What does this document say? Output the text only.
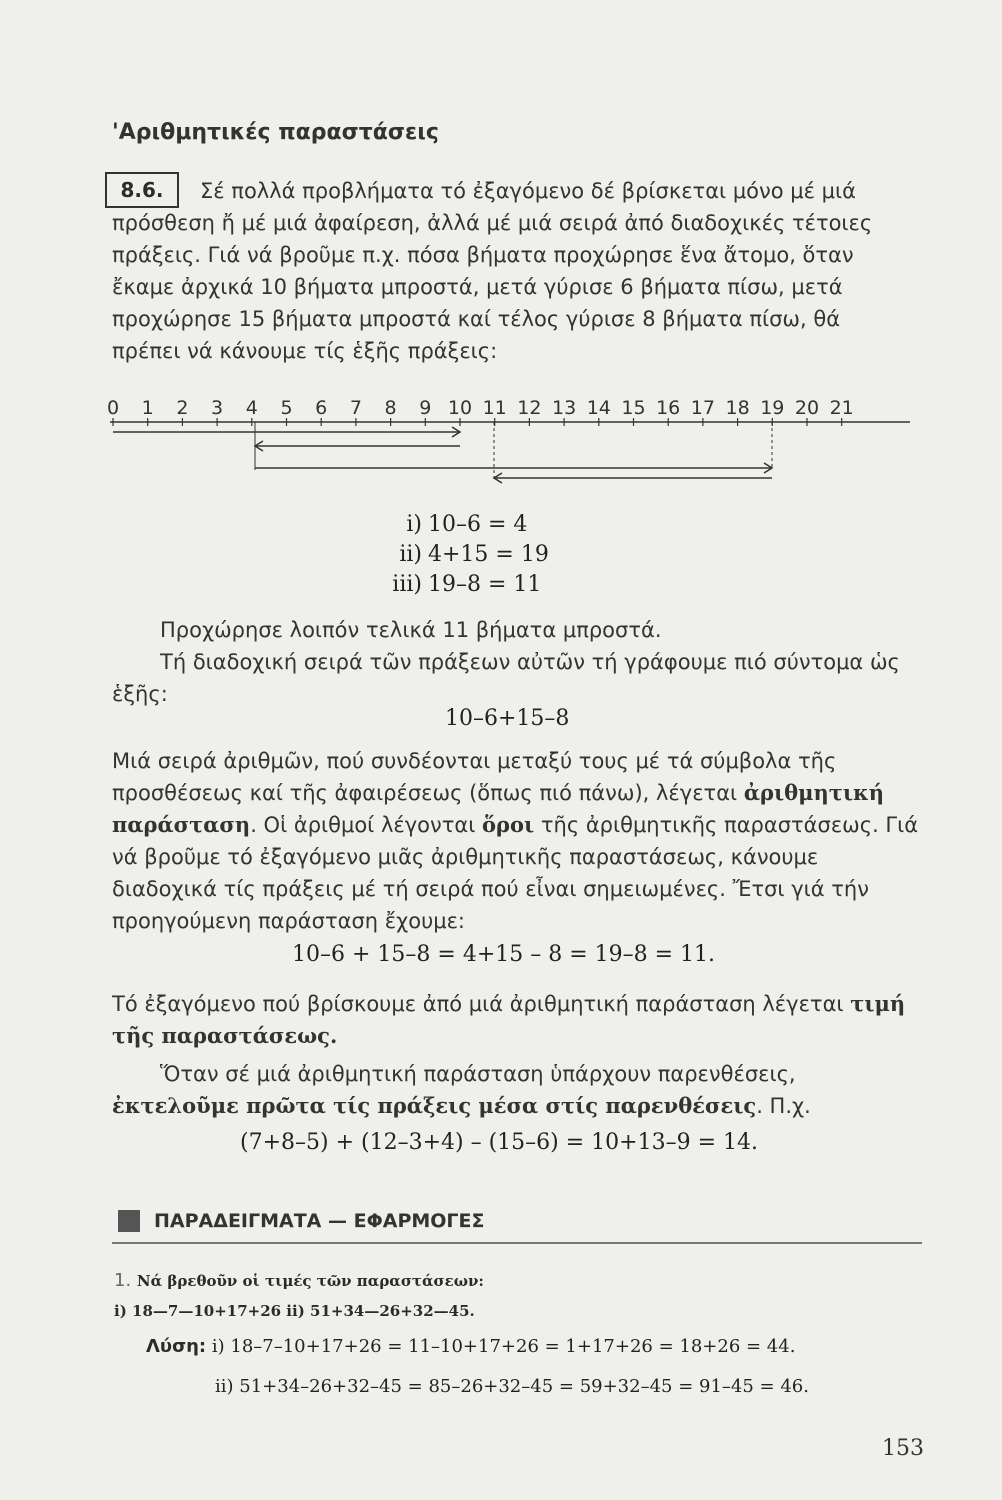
'Αριθμητικές παραστάσεις
8.6.	Σέ πολλά προβλήματα τό ἐξαγόμενο δέ βρίσκεται μόνο μέ μιά πρόσθεση ἤ μέ μιά ἀφαίρεση, ἀλλά μέ μιά σειρά ἀπό διαδοχικές τέτοιες πράξεις. Γιά νά βροῦμε π.χ. πόσα βήματα προχώρησε ἕνα ἄτομο, ὅταν ἔκαμε ἀρχικά 10 βήματα μπροστά, μετά γύρισε 6 βήματα πίσω, μετά προχώρησε 15 βήματα μπροστά καί τέλος γύρισε 8 βήματα πίσω, θά πρέπει νά κάνουμε τίς ἑξῆς πράξεις:
0 1 2 3 4 5 6 7 8 9 10 11 12 13 14 15 16 17 18 19 20 21
i) 10–6 = 4
ii) 4+15 = 19
iii) 19–8 = 11
Προχώρησε λοιπόν τελικά 11 βήματα μπροστά.
Τή διαδοχική σειρά τῶν πράξεων αὐτῶν τή γράφουμε πιό σύντομα ὡς ἑξῆς:
10–6+15–8
Μιά σειρά ἀριθμῶν, πού συνδέονται μεταξύ τους μέ τά σύμβολα τῆς προσθέσεως καί τῆς ἀφαιρέσεως (ὅπως πιό πάνω), λέγεται ἀριθμητική παράσταση. Οἱ ἀριθμοί λέγονται ὅροι τῆς ἀριθμητικῆς παραστάσεως. Γιά νά βροῦμε τό ἐξαγόμενο μιᾶς ἀριθμητικῆς παραστάσεως, κάνουμε διαδοχικά τίς πράξεις μέ τή σειρά πού εἶναι σημειωμένες. Ἔτσι γιά τήν προηγούμενη παράσταση ἔχουμε:
10–6 + 15–8 = 4+15 – 8 = 19–8 = 11.
Τό ἐξαγόμενο πού βρίσκουμε ἀπό μιά ἀριθμητική παράσταση λέγεται τιμή τῆς παραστάσεως.
Ὅταν σέ μιά ἀριθμητική παράσταση ὑπάρχουν παρενθέσεις, ἐκτελοῦμε πρῶτα τίς πράξεις μέσα στίς παρενθέσεις. Π.χ.
(7+8–5) + (12–3+4) – (15–6) = 10+13–9 = 14.
ΠΑΡΑΔΕΙΓΜΑΤΑ — ΕΦΑΡΜΟΓΕΣ
1. Νά βρεθοῦν οἱ τιμές τῶν παραστάσεων:
i) 18—7—10+17+26 ii) 51+34—26+32—45.
Λύση: i) 18–7–10+17+26 = 11–10+17+26 = 1+17+26 = 18+26 = 44.
ii) 51+34–26+32–45 = 85–26+32–45 = 59+32–45 = 91–45 = 46.
153
